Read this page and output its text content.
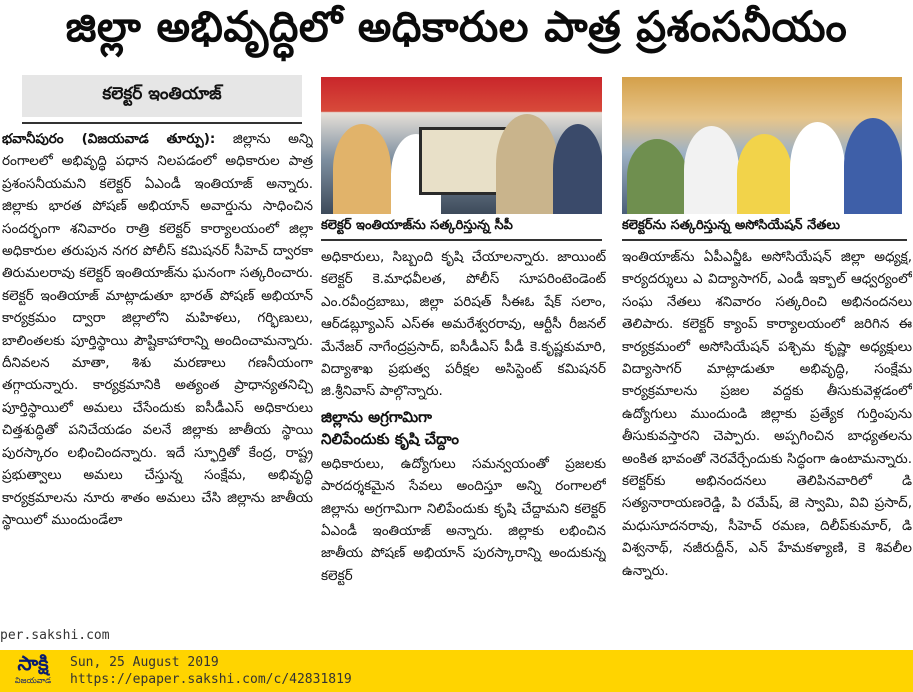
జిల్లా అభివృద్ధిలో అధికారుల పాత్ర ప్రశంసనీయం
కలెక్టర్ ఇంతియాజ్

భవానీపురం (విజయవాడ తూర్పు): జిల్లాను అన్ని రంగాలలో అభివృద్ధి పధాన నిలపడంలో అధికారుల పాత్ర ప్రశంసనీయమని కలెక్టర్ ఏఎండీ ఇంతియాజ్ అన్నారు. జిల్లాకు భారత పోషణ్ అభియాన్ అవార్డును సాధించిన సందర్భంగా శనివారం రాత్రి కలెక్టర్ కార్యాలయంలో జిల్లా అధికారుల తరుపున నగర పోలీస్ కమిషనర్ సీహెచ్ ద్వారకా తిరుమలరావు కలెక్టర్ ఇంతియాజ్‌ను ఘనంగా సత్కరించారు. కలెక్టర్ ఇంతియాజ్ మాట్లాడుతూ భారత్ పోషణ్ అభియాన్ కార్యక్రమం ద్వారా జిల్లాలోని మహిళలు, గర్భిణులు, బాలింతలకు పూర్తిస్థాయి పౌష్టికాహారాన్ని అందించామన్నారు. దీనివలన మాతా, శిశు మరణాలు గణనీయంగా తగ్గాయన్నారు. కార్యక్రమానికి అత్యంత ప్రాధాన్యతనిచ్చి పూర్తిస్థాయిలో అమలు చేసేందుకు ఐసీడీఎస్ అధికారులు చిత్తశుద్ధితో పనిచేయడం వలనే జిల్లాకు జాతీయ స్థాయి పురస్కారం లభించిందన్నారు. ఇదే స్ఫూర్తితో కేంద్ర, రాష్ట్ర ప్రభుత్వాలు అమలు చేస్తున్న సంక్షేమ, అభివృద్ధి కార్యక్రమాలను నూరు శాతం అమలు చేసి జిల్లాను జాతీయ స్థాయిలో ముందుండేలా

కలెక్టర్ ఇంతియాజ్‌ను సత్కరిస్తున్న సీపీ	కలెక్టర్‌ను సత్కరిస్తున్న అసోసియేషన్ నేతలు

అధికారులు, సిబ్బంది కృషి చేయాలన్నారు. జాయింట్ కలెక్టర్ కె.మాధవీలత, పోలీస్ సూపరింటెండెంట్ ఎం.రవీంద్రబాబు, జిల్లా పరిషత్ సీఈఓ షేక్ సలాం, ఆర్‌డబ్ల్యూఎస్ ఎస్ఈ అమరేశ్వరరావు, ఆర్టీసీ రీజనల్ మేనేజర్ నాగేంద్రప్రసాద్, ఐసీడీఎస్ పీడీ కె.కృష్ణకుమారి, విద్యాశాఖ ప్రభుత్వ పరీక్షల అసిస్టెంట్ కమిషనర్ జి.శ్రీనివాస్ పాల్గొన్నారు.

జిల్లాను అగ్రగామిగా
నిలిపేందుకు కృషి చేద్దాం

అధికారులు, ఉద్యోగులు సమన్వయంతో ప్రజలకు పారదర్శకమైన సేవలు అందిస్తూ అన్ని రంగాలలో జిల్లాను అగ్రగామిగా నిలిపేందుకు కృషి చేద్దామని కలెక్టర్ ఏఎండీ ఇంతియాజ్ అన్నారు. జిల్లాకు లభించిన జాతీయ పోషణ్ అభియాన్ పురస్కారాన్ని అందుకున్న కలెక్టర్

ఇంతియాజ్‌ను ఏపీఎన్జీఓ అసోసియేషన్ జిల్లా అధ్యక్ష, కార్యదర్శులు ఎ విద్యాసాగర్, ఎండీ ఇక్బాల్ ఆధ్వర్యంలో సంఘ నేతలు శనివారం సత్కరించి అభినందనలు తెలిపారు. కలెక్టర్ క్యాంప్ కార్యాలయంలో జరిగిన ఈ కార్యక్రమంలో అసోసియేషన్ పశ్చిమ కృష్ణా అధ్యక్షులు విద్యాసాగర్ మాట్లాడుతూ అభివృద్ధి, సంక్షేమ కార్యక్రమాలను ప్రజల వద్దకు తీసుకువెళ్లడంలో ఉద్యోగులు ముందుండి జిల్లాకు ప్రత్యేక గుర్తింపును తీసుకువస్తారని చెప్పారు. అప్పగించిన బాధ్యతలను అంకిత భావంతో నెరవేర్చేందుకు సిద్ధంగా ఉంటామన్నారు. కలెక్టర్‌కు అభినందనలు తెలిపినవారిలో డి సత్యనారాయణరెడ్డి, పి రమేష్, జె స్వామి, వివి ప్రసాద్, మధుసూదనరావు, సీహెచ్ రమణ, దిలీప్‌కుమార్, డి విశ్వనాథ్, నజీరుద్దీన్, ఎన్ హేమకళ్యాణి, కె శివలీల ఉన్నారు.

per.sakshi.com
సాక్షి
విజయవాడ
Sun, 25 August 2019
https://epaper.sakshi.com/c/42831819
